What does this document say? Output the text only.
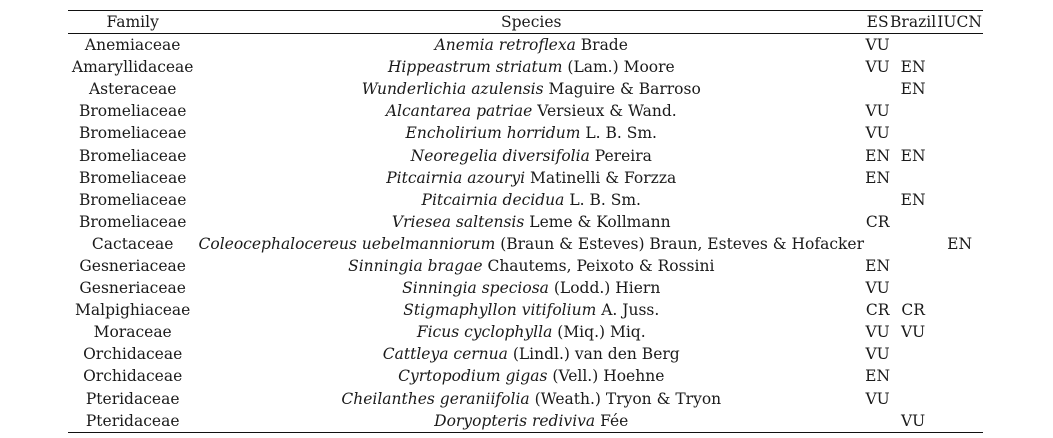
Family	Species	ES	Brazil	IUCN
Anemiaceae	Anemia retroflexa Brade	VU		
Amaryllidaceae	Hippeastrum striatum (Lam.) Moore	VU	EN	
Asteraceae	Wunderlichia azulensis Maguire & Barroso		EN	
Bromeliaceae	Alcantarea patriae Versieux & Wand.	VU		
Bromeliaceae	Encholirium horridum L. B. Sm.	VU		
Bromeliaceae	Neoregelia diversifolia Pereira	EN	EN	
Bromeliaceae	Pitcairnia azouryi Matinelli & Forzza	EN		
Bromeliaceae	Pitcairnia decidua L. B. Sm.		EN	
Bromeliaceae	Vriesea saltensis Leme & Kollmann	CR		
Cactaceae	Coleocephalocereus uebelmanniorum (Braun & Esteves) Braun, Esteves & Hofacker			EN
Gesneriaceae	Sinningia bragae Chautems, Peixoto & Rossini	EN		
Gesneriaceae	Sinningia speciosa (Lodd.) Hiern	VU		
Malpighiaceae	Stigmaphyllon vitifolium A. Juss.	CR	CR	
Moraceae	Ficus cyclophylla (Miq.) Miq.	VU	VU	
Orchidaceae	Cattleya cernua (Lindl.) van den Berg	VU		
Orchidaceae	Cyrtopodium gigas (Vell.) Hoehne	EN		
Pteridaceae	Cheilanthes geraniifolia (Weath.) Tryon & Tryon	VU		
Pteridaceae	Doryopteris rediviva Fée		VU	
